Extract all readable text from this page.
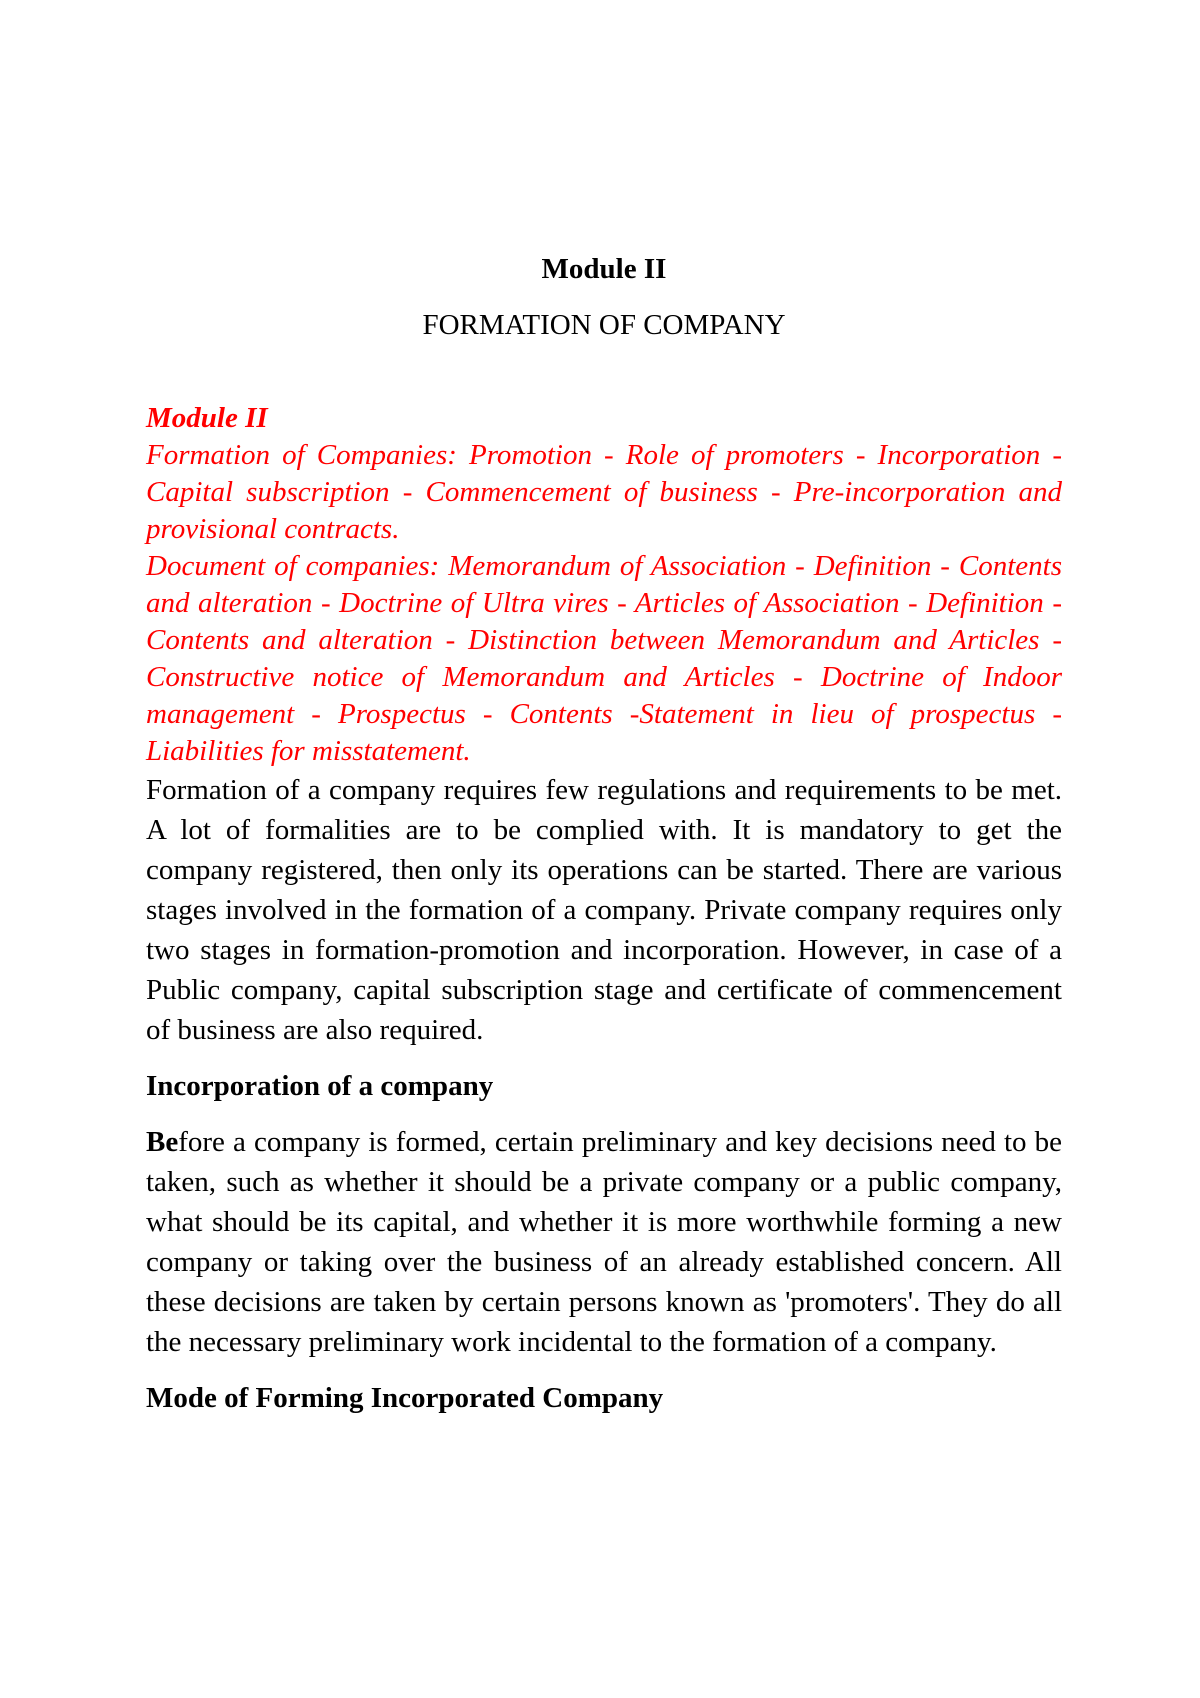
Module II
FORMATION OF COMPANY

Module II

Formation of Companies: Promotion - Role of promoters - Incorporation - Capital subscription - Commencement of business - Pre-incorporation and provisional contracts.

Document of companies: Memorandum of Association - Definition - Contents and alteration - Doctrine of Ultra vires - Articles of Association - Definition - Contents and alteration - Distinction between Memorandum and Articles - Constructive notice of Memorandum and Articles - Doctrine of Indoor management - Prospectus - Contents -Statement in lieu of prospectus - Liabilities for misstatement.

Formation of a company requires few regulations and requirements to be met. A lot of formalities are to be complied with. It is mandatory to get the company registered, then only its operations can be started. There are various stages involved in the formation of a company. Private company requires only two stages in formation-promotion and incorporation. However, in case of a Public company, capital subscription stage and certificate of commencement of business are also required.

Incorporation of a company

Before a company is formed, certain preliminary and key decisions need to be taken, such as whether it should be a private company or a public company, what should be its capital, and whether it is more worthwhile forming a new company or taking over the business of an already established concern. All these decisions are taken by certain persons known as 'promoters'. They do all the necessary preliminary work incidental to the formation of a company.

Mode of Forming Incorporated Company
